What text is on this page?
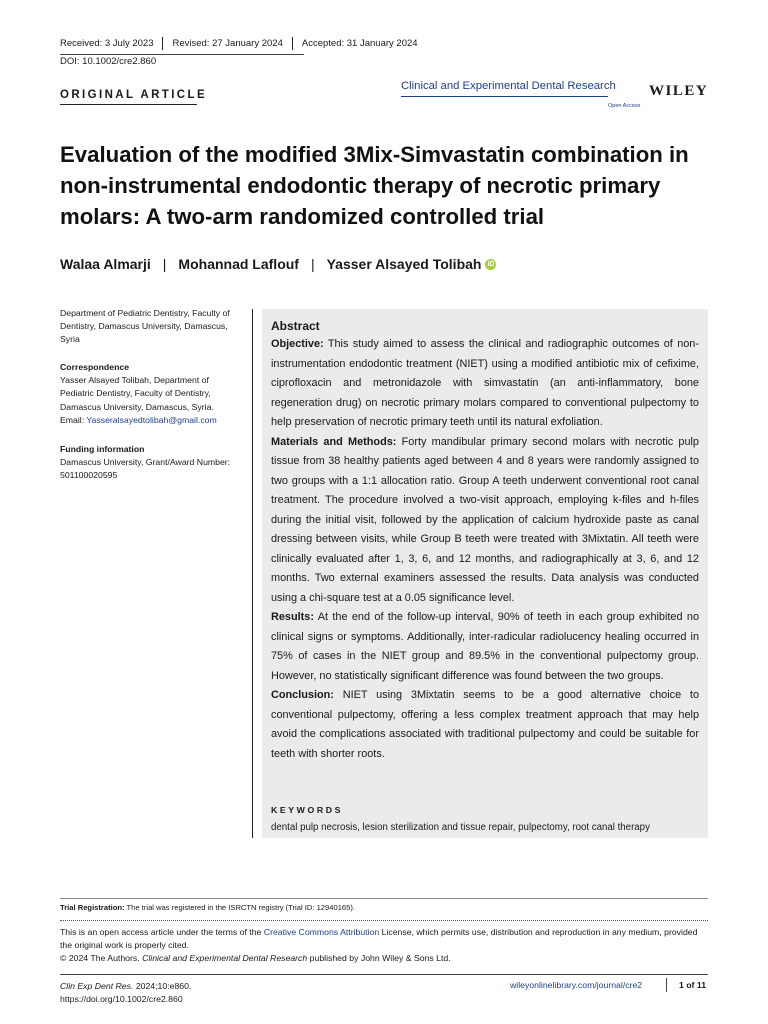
Received: 3 July 2023 Revised: 27 January 2024 Accepted: 31 January 2024
DOI: 10.1002/cre2.860
ORIGINAL ARTICLE
Clinical and Experimental Dental Research
Open Access
WILEY
Evaluation of the modified 3Mix-Simvastatin combination in non-instrumental endodontic therapy of necrotic primary molars: A two-arm randomized controlled trial
Walaa Almarji | Mohannad Laflouf | Yasser Alsayed Tolibah iD
Department of Pediatric Dentistry, Faculty of Dentistry, Damascus University, Damascus, Syria
Correspondence
Yasser Alsayed Tolibah, Department of Pediatric Dentistry, Faculty of Dentistry, Damascus University, Damascus, Syria.
Email: Yasseralsayedtolibah@gmail.com
Funding information
Damascus University, Grant/Award Number: 501100020595
Abstract

Objective: This study aimed to assess the clinical and radiographic outcomes of non-instrumentation endodontic treatment (NIET) using a modified antibiotic mix of cefixime, ciprofloxacin and metronidazole with simvastatin (an anti-inflammatory, bone regeneration drug) on necrotic primary molars compared to conventional pulpectomy to help preservation of necrotic primary teeth until its natural exfoliation.

Materials and Methods: Forty mandibular primary second molars with necrotic pulp tissue from 38 healthy patients aged between 4 and 8 years were randomly assigned to two groups with a 1:1 allocation ratio. Group A teeth underwent conventional root canal treatment. The procedure involved a two-visit approach, employing k-files and h-files during the initial visit, followed by the application of calcium hydroxide paste as canal dressing between visits, while Group B teeth were treated with 3Mixtatin. All teeth were clinically evaluated after 1, 3, 6, and 12 months, and radiographically at 3, 6, and 12 months. Two external examiners assessed the results. Data analysis was conducted using a chi-square test at a 0.05 significance level.

Results: At the end of the follow-up interval, 90% of teeth in each group exhibited no clinical signs or symptoms. Additionally, inter-radicular radiolucency healing occurred in 75% of cases in the NIET group and 89.5% in the conventional pulpectomy group. However, no statistically significant difference was found between the two groups.

Conclusion: NIET using 3Mixtatin seems to be a good alternative choice to conventional pulpectomy, offering a less complex treatment approach that may help avoid the complications associated with traditional pulpectomy and could be suitable for teeth with shorter roots.

KEYWORDS
dental pulp necrosis, lesion sterilization and tissue repair, pulpectomy, root canal therapy
Trial Registration: The trial was registered in the ISRCTN registry (Trial ID: 12940165).
This is an open access article under the terms of the Creative Commons Attribution License, which permits use, distribution and reproduction in any medium, provided the original work is properly cited.
© 2024 The Authors. Clinical and Experimental Dental Research published by John Wiley & Sons Ltd.
Clin Exp Dent Res. 2024;10:e860.
https://doi.org/10.1002/cre2.860
wileyonlinelibrary.com/journal/cre2	1 of 11
